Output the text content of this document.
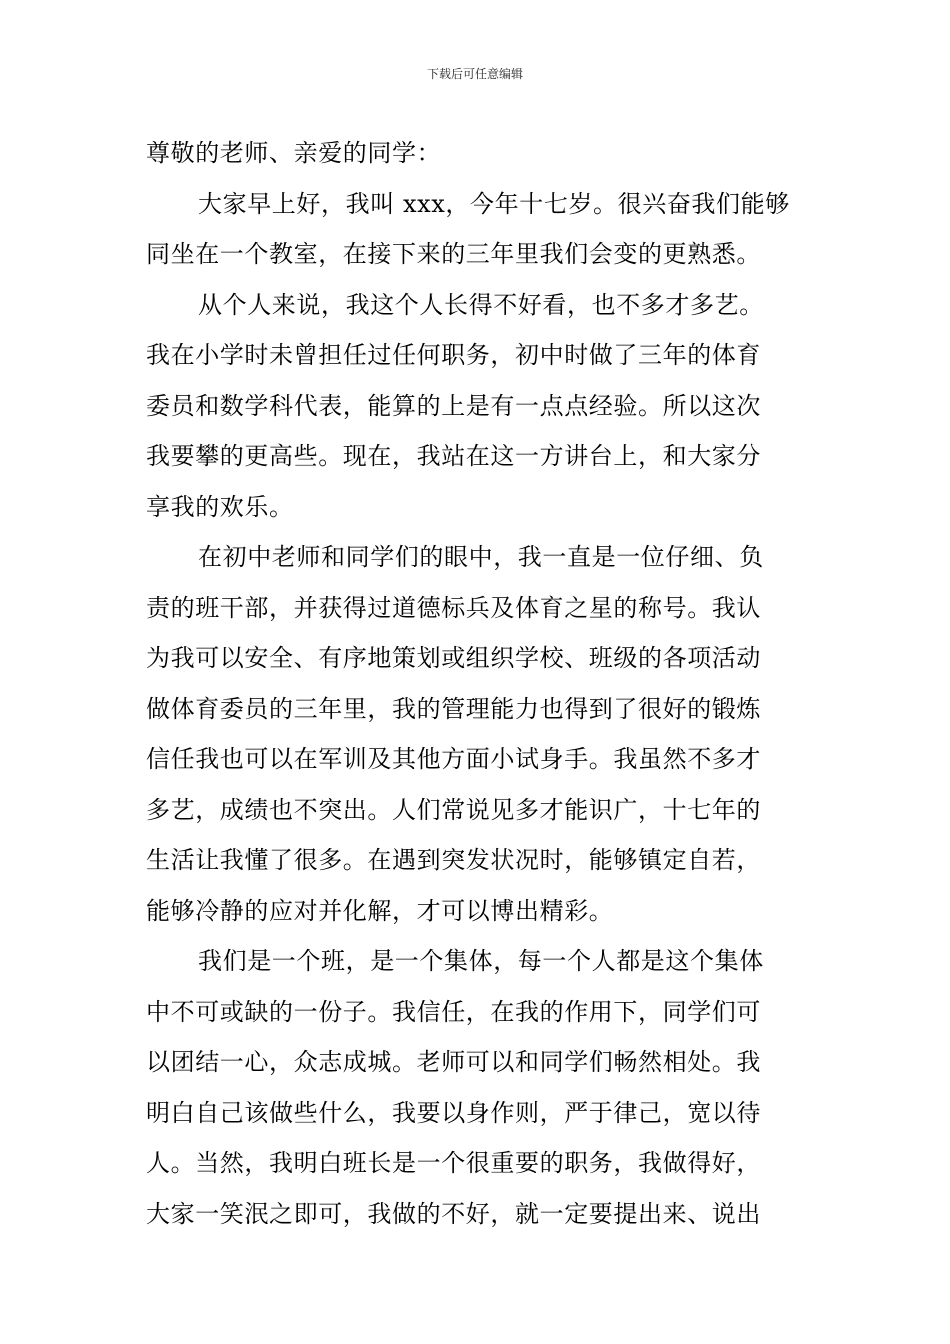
下载后可任意编辑
尊敬的老师、亲爱的同学：
大家早上好，我叫 xxx，今年十七岁。很兴奋我们能够
同坐在一个教室，在接下来的三年里我们会变的更熟悉。
从个人来说，我这个人长得不好看，也不多才多艺。
我在小学时未曾担任过任何职务，初中时做了三年的体育
委员和数学科代表，能算的上是有一点点经验。所以这次
我要攀的更高些。现在，我站在这一方讲台上，和大家分
享我的欢乐。
在初中老师和同学们的眼中，我一直是一位仔细、负
责的班干部，并获得过道德标兵及体育之星的称号。我认
为我可以安全、有序地策划或组织学校、班级的各项活动
做体育委员的三年里，我的管理能力也得到了很好的锻炼
信任我也可以在军训及其他方面小试身手。我虽然不多才
多艺，成绩也不突出。人们常说见多才能识广，十七年的
生活让我懂了很多。在遇到突发状况时，能够镇定自若，
能够冷静的应对并化解，才可以博出精彩。
我们是一个班，是一个集体，每一个人都是这个集体
中不可或缺的一份子。我信任，在我的作用下，同学们可
以团结一心，众志成城。老师可以和同学们畅然相处。我
明白自己该做些什么，我要以身作则，严于律己，宽以待
人。当然，我明白班长是一个很重要的职务，我做得好，
大家一笑泯之即可，我做的不好，就一定要提出来、说出
